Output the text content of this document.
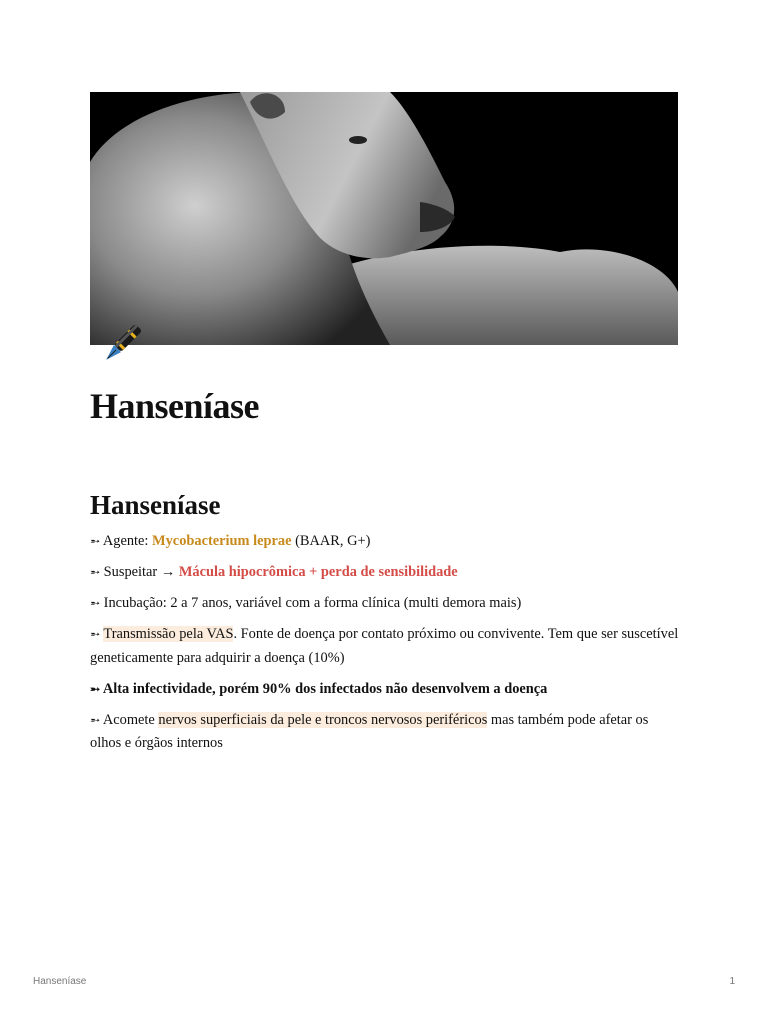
Hanseníase
Hanseníase

➵ Agente: Mycobacterium leprae (BAAR, G+)

➵ Suspeitar → Mácula hipocrômica + perda de sensibilidade

➵ Incubação: 2 a 7 anos, variável com a forma clínica (multi demora mais)

➵ Transmissão pela VAS. Fonte de doença por contato próximo ou convivente. Tem que ser suscetível geneticamente para adquirir a doença (10%)

➵ Alta infectividade, porém 90% dos infectados não desenvolvem a doença

➵ Acomete nervos superficiais da pele e troncos nervosos periféricos mas também pode afetar os olhos e órgãos internos

Hanseníase	1
